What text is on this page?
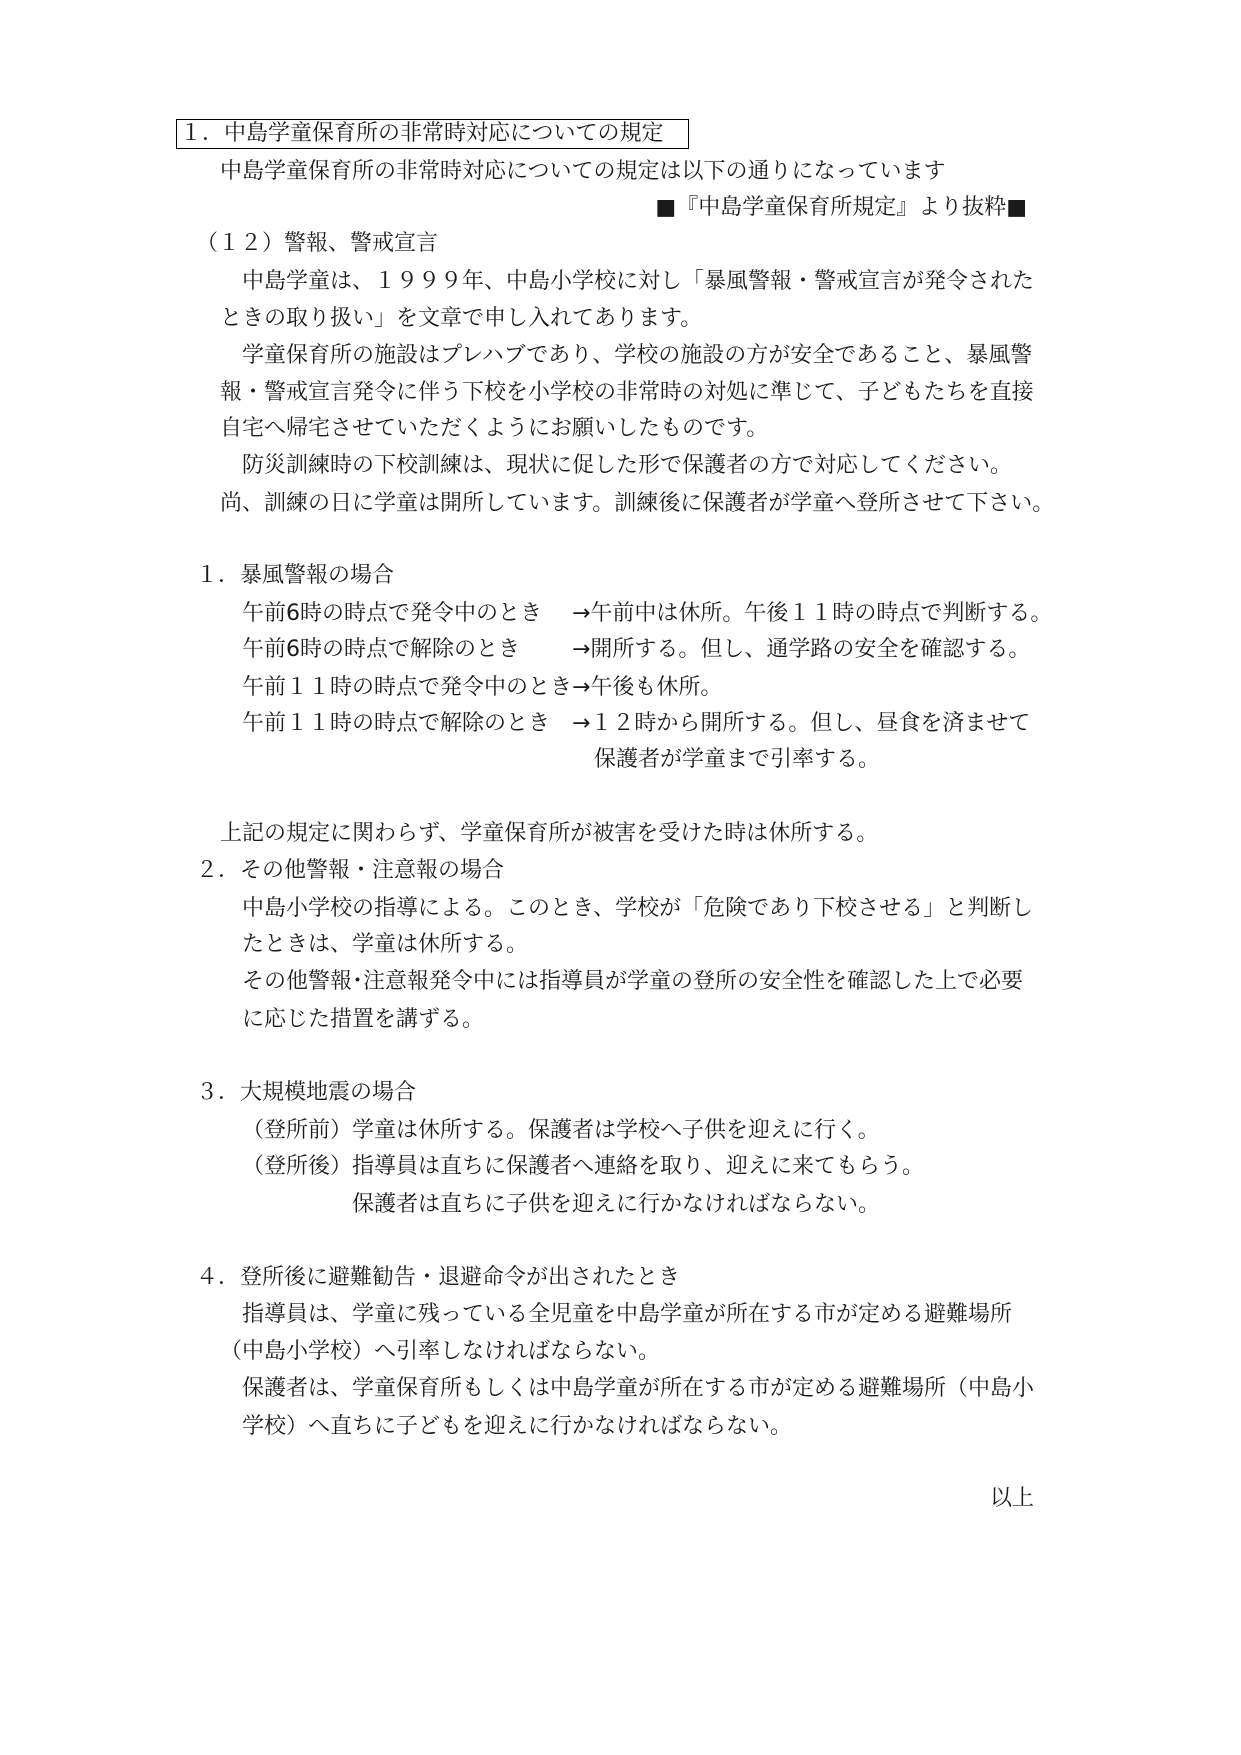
１．中島学童保育所の非常時対応についての規定
中島学童保育所の非常時対応についての規定は以下の通りになっています
■『中島学童保育所規定』より抜粋■
（１２）警報、警戒宣言
中島学童は、１９９９年、中島小学校に対し「暴風警報・警戒宣言が発令された
ときの取り扱い」を文章で申し入れてあります。
学童保育所の施設はプレハブであり、学校の施設の方が安全であること、暴風警
報・警戒宣言発令に伴う下校を小学校の非常時の対処に準じて、子どもたちを直接
自宅へ帰宅させていただくようにお願いしたものです。
防災訓練時の下校訓練は、現状に促した形で保護者の方で対応してください。
尚、訓練の日に学童は開所しています。訓練後に保護者が学童へ登所させて下さい。
１．暴風警報の場合
午前6時の時点で発令中のとき →午前中は休所。午後１１時の時点で判断する。
午前6時の時点で解除のとき →開所する。但し、通学路の安全を確認する。
午前１１時の時点で発令中のとき →午後も休所。
午前１１時の時点で解除のとき →１２時から開所する。但し、昼食を済ませて
保護者が学童まで引率する。
上記の規定に関わらず、学童保育所が被害を受けた時は休所する。
２．その他警報・注意報の場合
中島小学校の指導による。このとき、学校が「危険であり下校させる」と判断し
たときは、学童は休所する。
その他警報･注意報発令中には指導員が学童の登所の安全性を確認した上で必要
に応じた措置を講ずる。
３．大規模地震の場合
（登所前）学童は休所する。保護者は学校へ子供を迎えに行く。
（登所後）指導員は直ちに保護者へ連絡を取り、迎えに来てもらう。
保護者は直ちに子供を迎えに行かなければならない。
４．登所後に避難勧告・退避命令が出されたとき
指導員は、学童に残っている全児童を中島学童が所在する市が定める避難場所
（中島小学校）へ引率しなければならない。
保護者は、学童保育所もしくは中島学童が所在する市が定める避難場所（中島小
学校）へ直ちに子どもを迎えに行かなければならない。
以上
